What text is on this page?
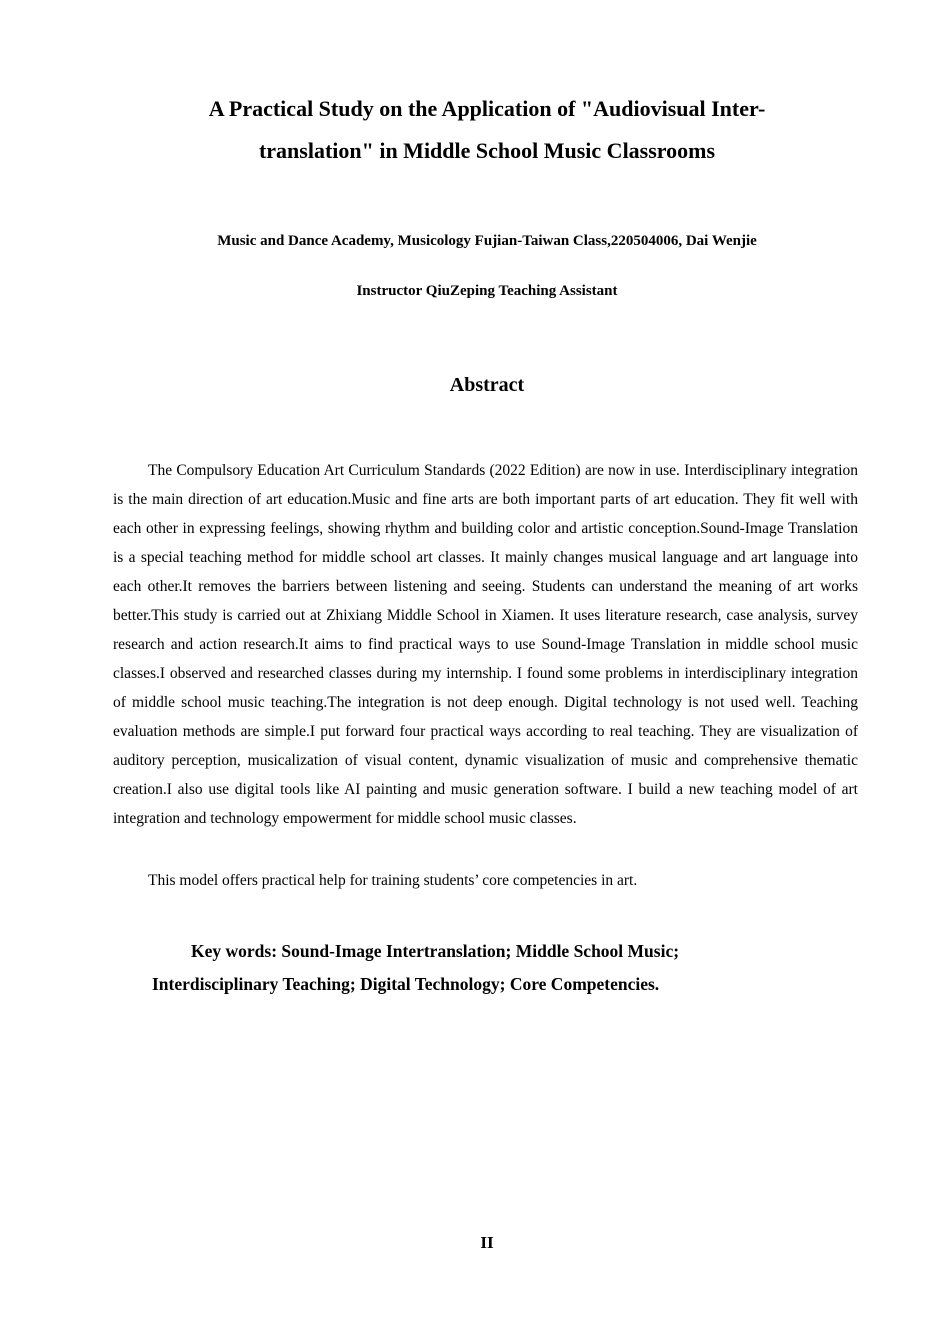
A Practical Study on the Application of "Audiovisual Inter-
translation" in Middle School Music Classrooms
Music and Dance Academy, Musicology Fujian-Taiwan Class,220504006, Dai Wenjie
Instructor QiuZeping Teaching Assistant
Abstract

The Compulsory Education Art Curriculum Standards (2022 Edition) are now in use. Interdisciplinary integration is the main direction of art education.Music and fine arts are both important parts of art education. They fit well with each other in expressing feelings, showing rhythm and building color and artistic conception.Sound-Image Translation is a special teaching method for middle school art classes. It mainly changes musical language and art language into each other.It removes the barriers between listening and seeing. Students can understand the meaning of art works better.This study is carried out at Zhixiang Middle School in Xiamen. It uses literature research, case analysis, survey research and action research.It aims to find practical ways to use Sound-Image Translation in middle school music classes.I observed and researched classes during my internship. I found some problems in interdisciplinary integration of middle school music teaching.The integration is not deep enough. Digital technology is not used well. Teaching evaluation methods are simple.I put forward four practical ways according to real teaching. They are visualization of auditory perception, musicalization of visual content, dynamic visualization of music and comprehensive thematic creation.I also use digital tools like AI painting and music generation software. I build a new teaching model of art integration and technology empowerment for middle school music classes.

This model offers practical help for training students’ core competencies in art.

Key words: Sound-Image Intertranslation; Middle School Music;
Interdisciplinary Teaching; Digital Technology; Core Competencies.
II
